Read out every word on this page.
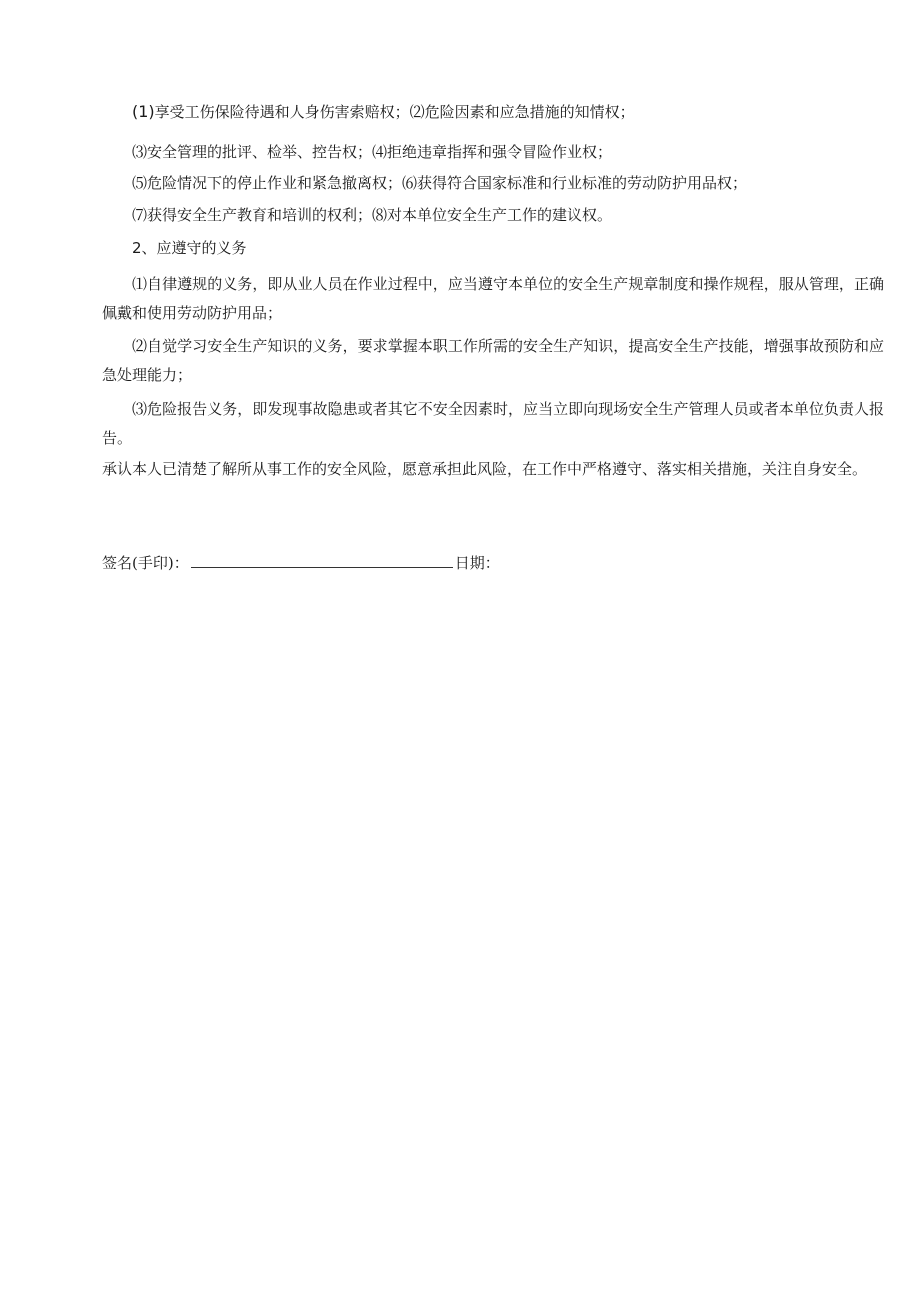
(1)享受工伤保险待遇和人身伤害索赔权；⑵危险因素和应急措施的知情权；
⑶安全管理的批评、检举、控告权；⑷拒绝违章指挥和强令冒险作业权；
⑸危险情况下的停止作业和紧急撤离权；⑹获得符合国家标准和行业标准的劳动防护用品权；
⑺获得安全生产教育和培训的权利；⑻对本单位安全生产工作的建议权。
2、应遵守的义务
⑴自律遵规的义务，即从业人员在作业过程中，应当遵守本单位的安全生产规章制度和操作规程，服从管理，正确佩戴和使用劳动防护用品；
⑵自觉学习安全生产知识的义务，要求掌握本职工作所需的安全生产知识，提高安全生产技能，增强事故预防和应急处理能力；
⑶危险报告义务，即发现事故隐患或者其它不安全因素时，应当立即向现场安全生产管理人员或者本单位负责人报告。
承认本人已清楚了解所从事工作的安全风险，愿意承担此风险，在工作中严格遵守、落实相关措施，关注自身安全。
签名(手印)：	日期：
